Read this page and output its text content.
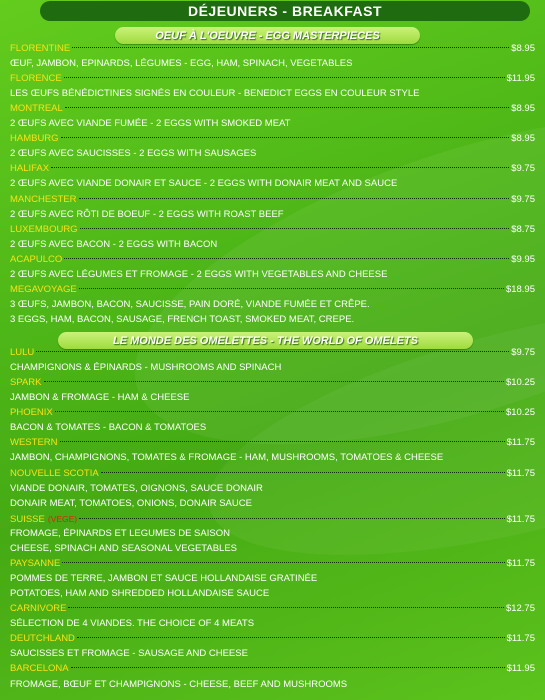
DÉJEUNERS - BREAKFAST
OEUF À L'OEUVRE - EGG MASTERPIECES
FLORENTINE	$8.95
ŒUF, JAMBON, EPINARDS, LÉGUMES - EGG, HAM, SPINACH, VEGETABLES
FLORENCE	$11.95
LES ŒUFS BÉNÉDICTINES SIGNÉS EN COULEUR - BENEDICT EGGS EN COULEUR STYLE
MONTREAL	$8.95
2 ŒUFS AVEC VIANDE FUMÉE - 2 EGGS WITH SMOKED MEAT
HAMBURG	$8.95
2 ŒUFS AVEC SAUCISSES - 2 EGGS WITH SAUSAGES
HALIFAX	$9.75
2 ŒUFS AVEC VIANDE DONAIR ET SAUCE - 2 EGGS WITH DONAIR MEAT AND SAUCE
MANCHESTER	$9.75
2 ŒUFS AVEC RÔTI DE BOEUF - 2 EGGS WITH ROAST BEEF
LUXEMBOURG	$8.75
2 ŒUFS AVEC BACON - 2 EGGS WITH BACON
ACAPULCO	$9.95
2 ŒUFS AVEC LÉGUMES ET FROMAGE - 2 EGGS WITH VEGETABLES AND CHEESE
MEGAVOYAGE	$18.95
3 ŒUFS, JAMBON, BACON, SAUCISSE, PAIN DORÉ, VIANDE FUMÉE ET CRÊPE.
3 EGGS, HAM, BACON, SAUSAGE, FRENCH TOAST, SMOKED MEAT, CREPE.
LE MONDE DES OMELETTES - THE WORLD OF OMELETS
LULU	$9.75
CHAMPIGNONS & ÉPINARDS - MUSHROOMS AND SPINACH
SPARK	$10.25
JAMBON & FROMAGE - HAM & CHEESE
PHOENIX	$10.25
BACON & TOMATES - BACON & TOMATOES
WESTERN	$11.75
JAMBON, CHAMPIGNONS, TOMATES & FROMAGE - HAM, MUSHROOMS, TOMATOES & CHEESE
NOUVELLE SCOTIA	$11.75
VIANDE DONAIR, TOMATES, OIGNONS, SAUCE DONAIR
DONAIR MEAT, TOMATOES, ONIONS, DONAIR SAUCE
SUISSE (VEGE)	$11.75
FROMAGE, ÉPINARDS ET LEGUMES DE SAISON
CHEESE, SPINACH AND SEASONAL VEGETABLES
PAYSANNE	$11.75
POMMES DE TERRE, JAMBON ET SAUCE HOLLANDAISE GRATINÉE
POTATOES, HAM AND SHREDDED HOLLANDAISE SAUCE
CARNIVORE	$12.75
SÉLECTION DE 4 VIANDES. THE CHOICE OF 4 MEATS
DEUTCHLAND	$11.75
SAUCISSES ET FROMAGE - SAUSAGE AND CHEESE
BARCELONA	$11.95
FROMAGE, BŒUF ET CHAMPIGNONS - CHEESE, BEEF AND MUSHROOMS
